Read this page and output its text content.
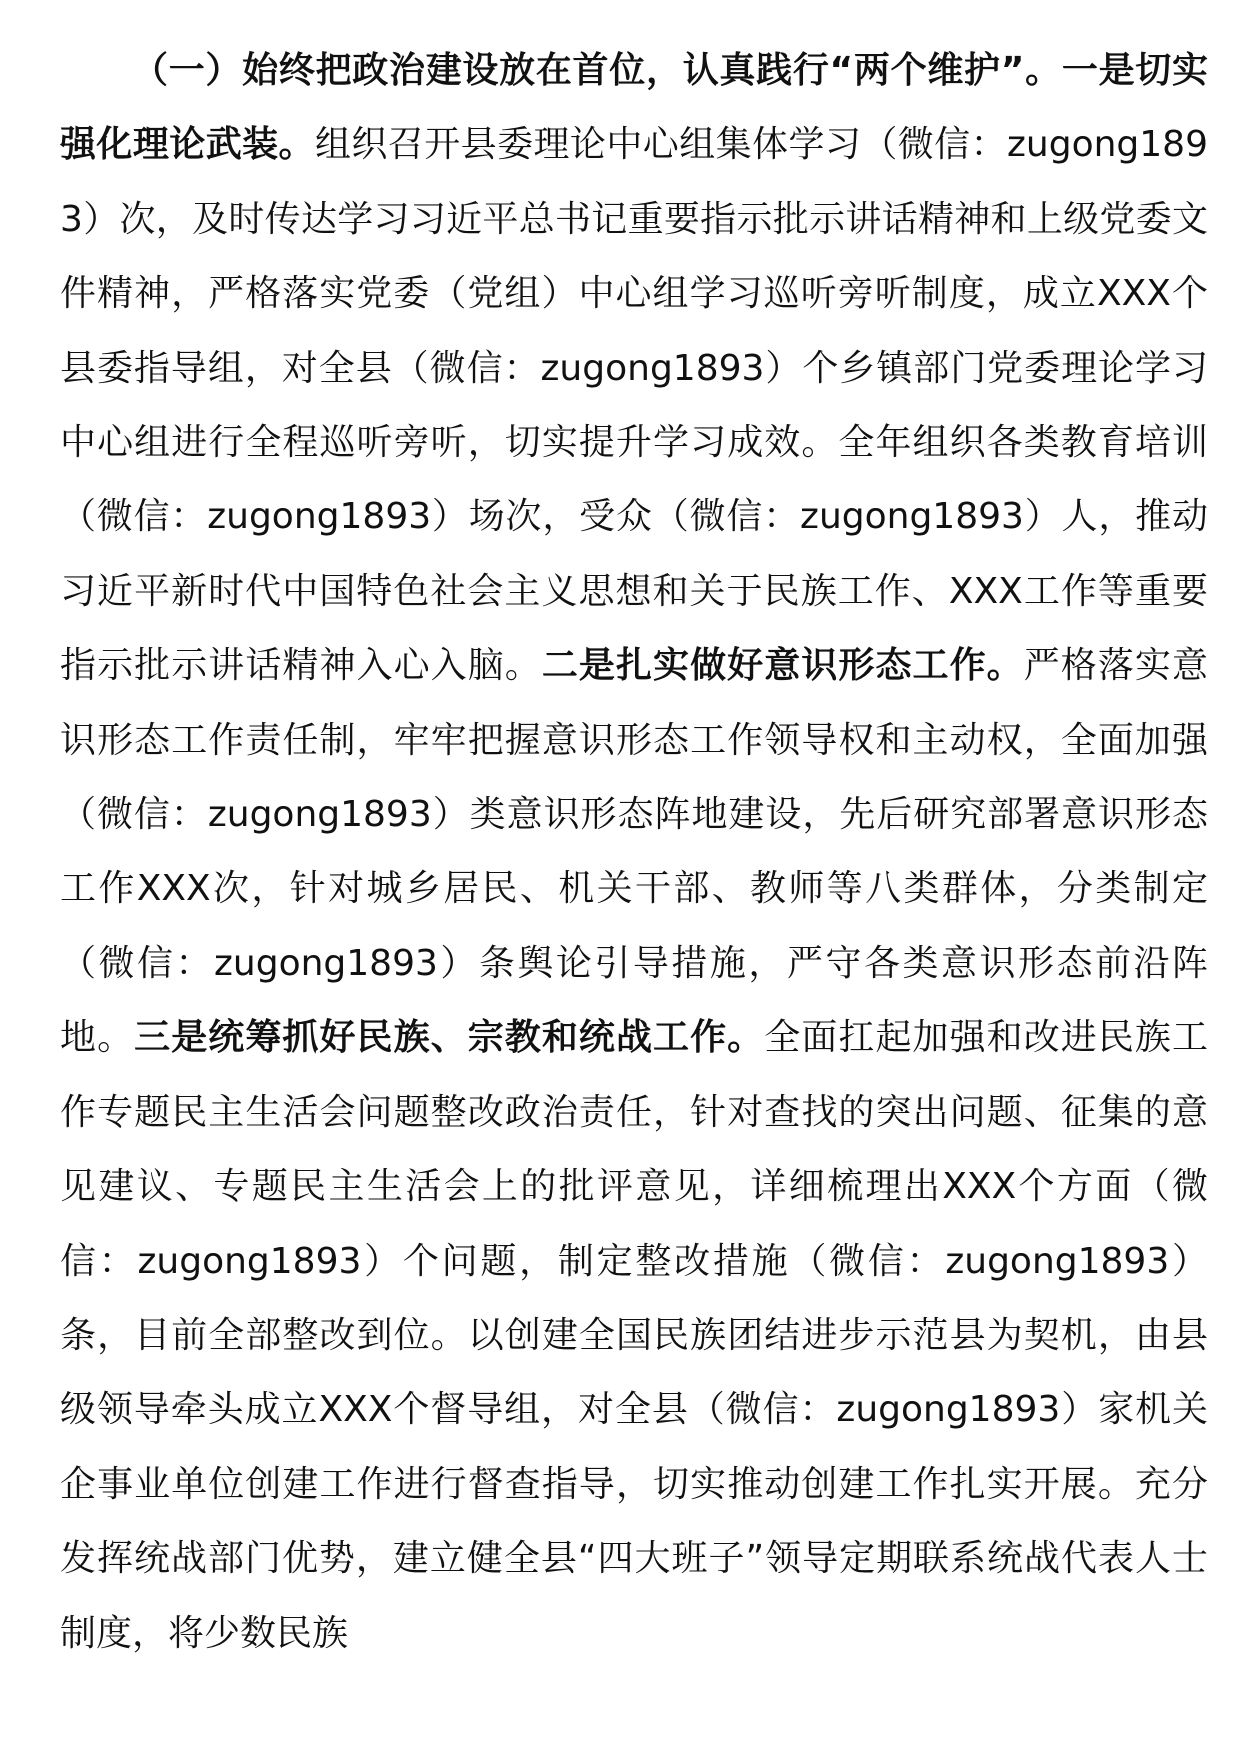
（一）始终把政治建设放在首位，认真践行“两个维护”。一是切实强化理论武装。组织召开县委理论中心组集体学习（微信：zugong1893）次，及时传达学习习近平总书记重要指示批示讲话精神和上级党委文件精神，严格落实党委（党组）中心组学习巡听旁听制度，成立XXX个县委指导组，对全县（微信：zugong1893）个乡镇部门党委理论学习中心组进行全程巡听旁听，切实提升学习成效。全年组织各类教育培训（微信：zugong1893）场次，受众（微信：zugong1893）人，推动习近平新时代中国特色社会主义思想和关于民族工作、XXX工作等重要指示批示讲话精神入心入脑。二是扎实做好意识形态工作。严格落实意识形态工作责任制，牢牢把握意识形态工作领导权和主动权，全面加强（微信：zugong1893）类意识形态阵地建设，先后研究部署意识形态工作XXX次，针对城乡居民、机关干部、教师等八类群体，分类制定（微信：zugong1893）条舆论引导措施，严守各类意识形态前沿阵地。三是统筹抓好民族、宗教和统战工作。全面扛起加强和改进民族工作专题民主生活会问题整改政治责任，针对查找的突出问题、征集的意见建议、专题民主生活会上的批评意见，详细梳理出XXX个方面（微信：zugong1893）个问题，制定整改措施（微信：zugong1893）条，目前全部整改到位。以创建全国民族团结进步示范县为契机，由县级领导牵头成立XXX个督导组，对全县（微信：zugong1893）家机关企事业单位创建工作进行督查指导，切实推动创建工作扎实开展。充分发挥统战部门优势，建立健全县“四大班子”领导定期联系统战代表人士制度，将少数民族
